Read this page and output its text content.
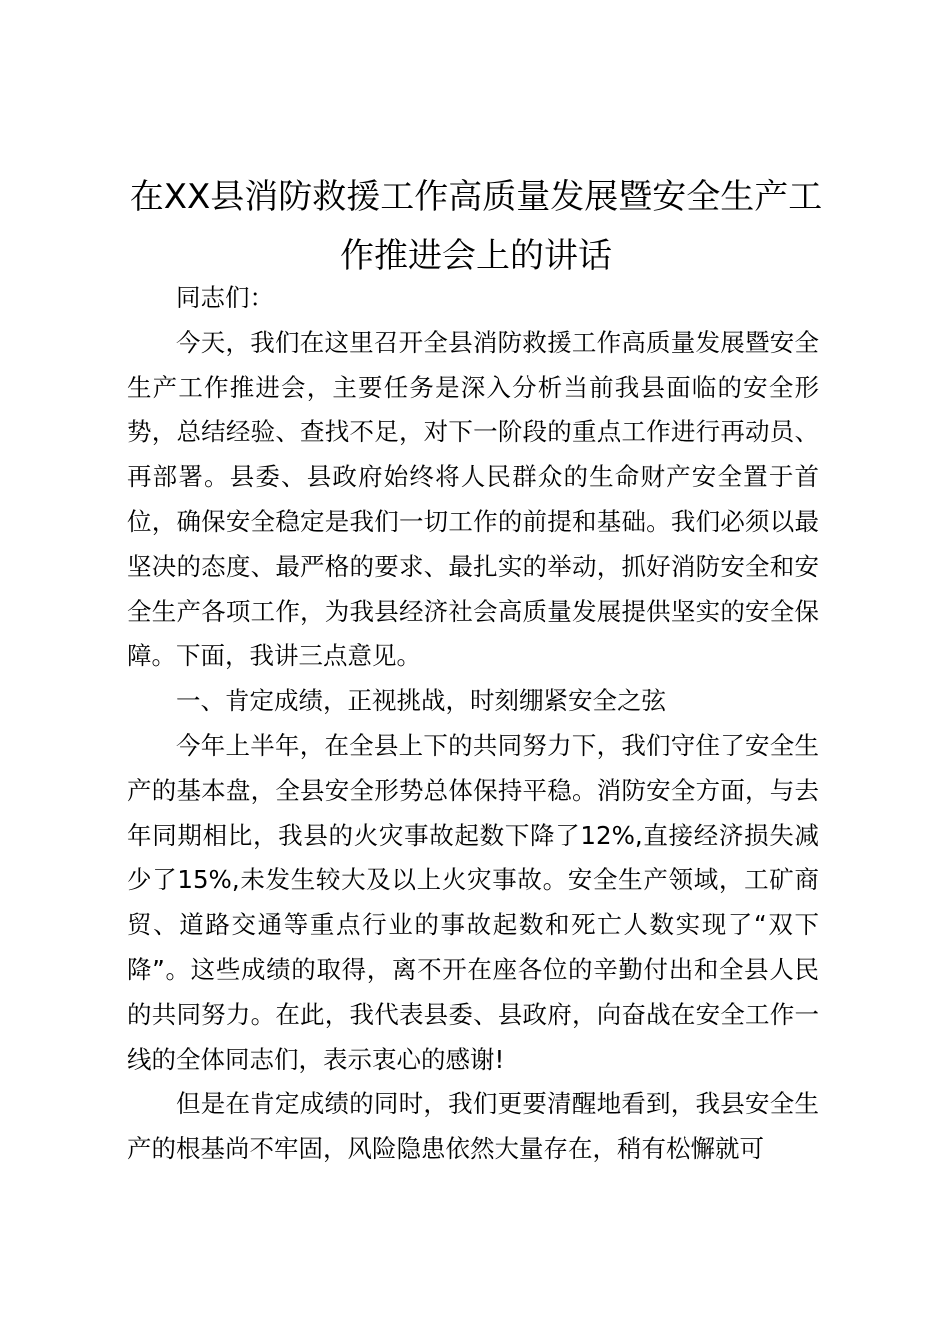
在XX县消防救援工作高质量发展暨安全生产工作推进会上的讲话

同志们：

今天，我们在这里召开全县消防救援工作高质量发展暨安全生产工作推进会，主要任务是深入分析当前我县面临的安全形势，总结经验、查找不足，对下一阶段的重点工作进行再动员、再部署。县委、县政府始终将人民群众的生命财产安全置于首位，确保安全稳定是我们一切工作的前提和基础。我们必须以最坚决的态度、最严格的要求、最扎实的举动，抓好消防安全和安全生产各项工作，为我县经济社会高质量发展提供坚实的安全保障。下面，我讲三点意见。

一、肯定成绩，正视挑战，时刻绷紧安全之弦

今年上半年，在全县上下的共同努力下，我们守住了安全生产的基本盘，全县安全形势总体保持平稳。消防安全方面，与去年同期相比，我县的火灾事故起数下降了12%,直接经济损失减少了15%,未发生较大及以上火灾事故。安全生产领域，工矿商贸、道路交通等重点行业的事故起数和死亡人数实现了“双下降”。这些成绩的取得，离不开在座各位的辛勤付出和全县人民的共同努力。在此，我代表县委、县政府，向奋战在安全工作一线的全体同志们，表示衷心的感谢!

但是在肯定成绩的同时，我们更要清醒地看到，我县安全生产的根基尚不牢固，风险隐患依然大量存在，稍有松懈就可
